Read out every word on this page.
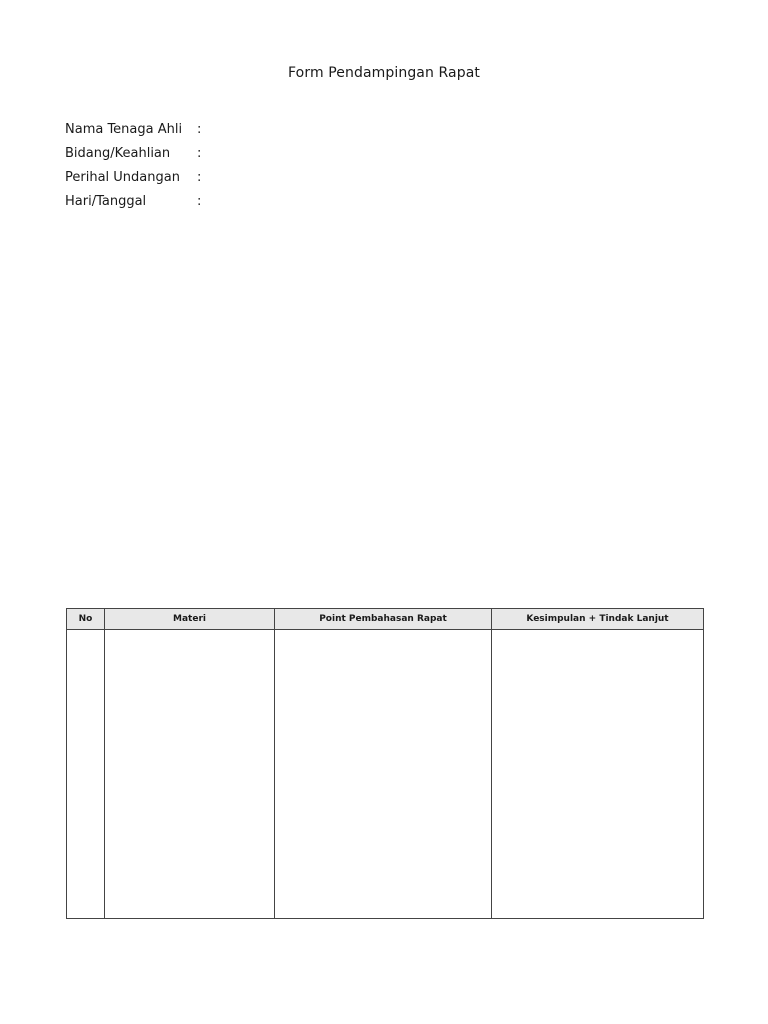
Form Pendampingan Rapat
Nama Tenaga Ahli	:
Bidang/Keahlian	:
Perihal Undangan	:
Hari/Tanggal	:
No	Materi	Point Pembahasan Rapat	Kesimpulan + Tindak Lanjut
